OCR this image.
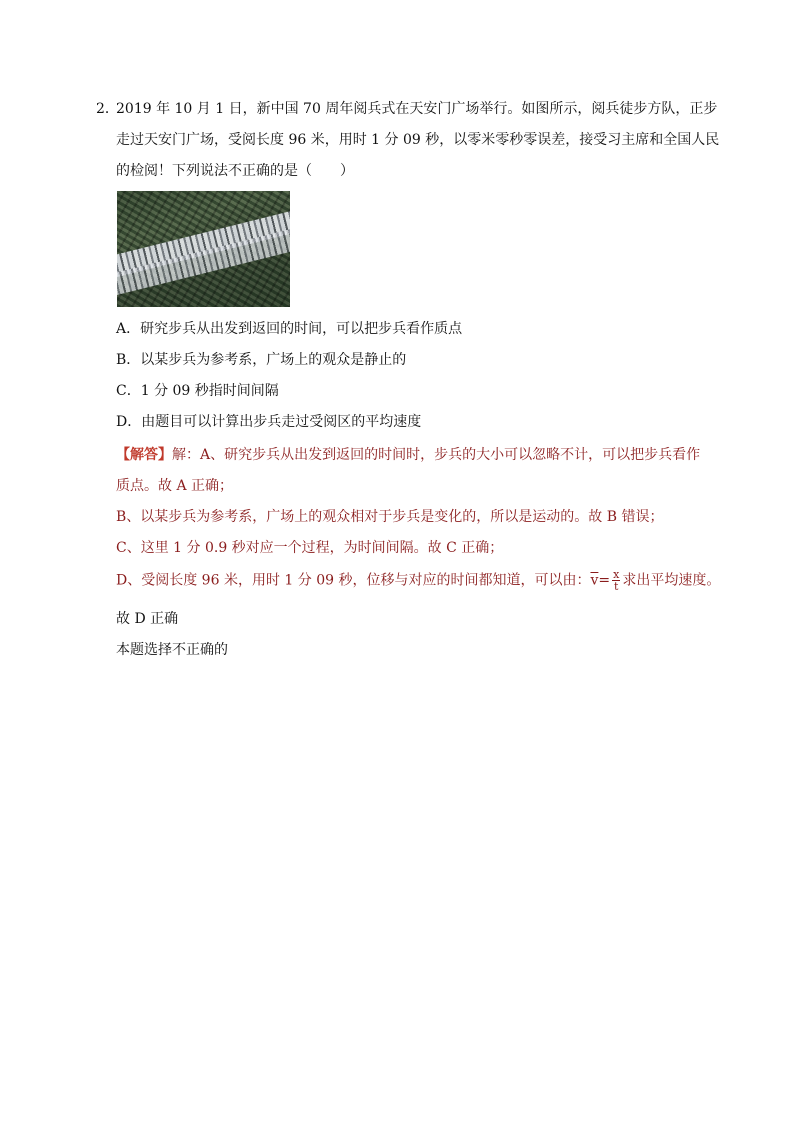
2．
2019 年 10 月 1 日，新中国 70 周年阅兵式在天安门广场举行。如图所示，阅兵徒步方队，正步
走过天安门广场，受阅长度 96 米，用时 1 分 09 秒，以零米零秒零误差，接受习主席和全国人民
的检阅！下列说法不正确的是（　　）
A．研究步兵从出发到返回的时间，可以把步兵看作质点
B．以某步兵为参考系，广场上的观众是静止的
C．1 分 09 秒指时间间隔
D．由题目可以计算出步兵走过受阅区的平均速度
【解答】解：A、研究步兵从出发到返回的时间时，步兵的大小可以忽略不计，可以把步兵看作
质点。故 A 正确；
B、以某步兵为参考系，广场上的观众相对于步兵是变化的，所以是运动的。故 B 错误；
C、这里 1 分 0.9 秒对应一个过程，为时间间隔。故 C 正确；
D、受阅长度 96 米，用时 1 分 09 秒，位移与对应的时间都知道，可以由：$\overline{v}= \frac{x}{t}$ 求出平均速度。
故 D 正确
本题选择不正确的
